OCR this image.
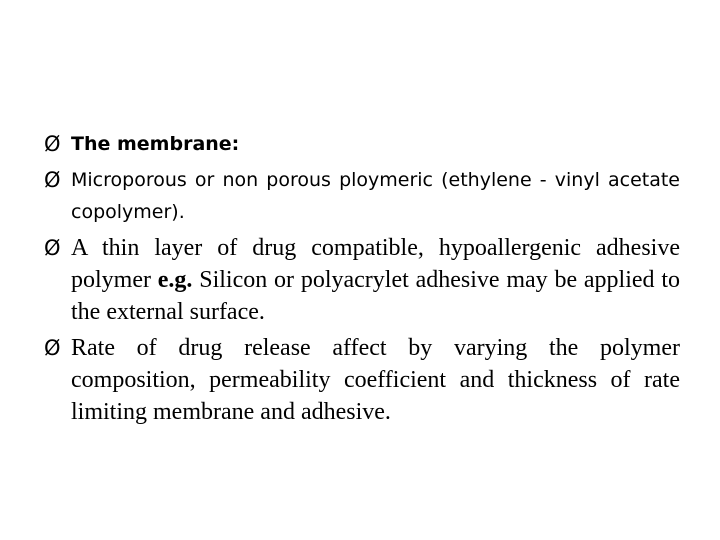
Ø The membrane:
Ø Microporous or non porous ploymeric (ethylene - vinyl acetate copolymer).
Ø A thin layer of drug compatible, hypoallergenic adhesive polymer e.g. Silicon or polyacrylet adhesive may be applied to the external surface.
Ø Rate of drug release affect by varying the polymer composition, permeability coefficient and thickness of rate limiting membrane and adhesive.
